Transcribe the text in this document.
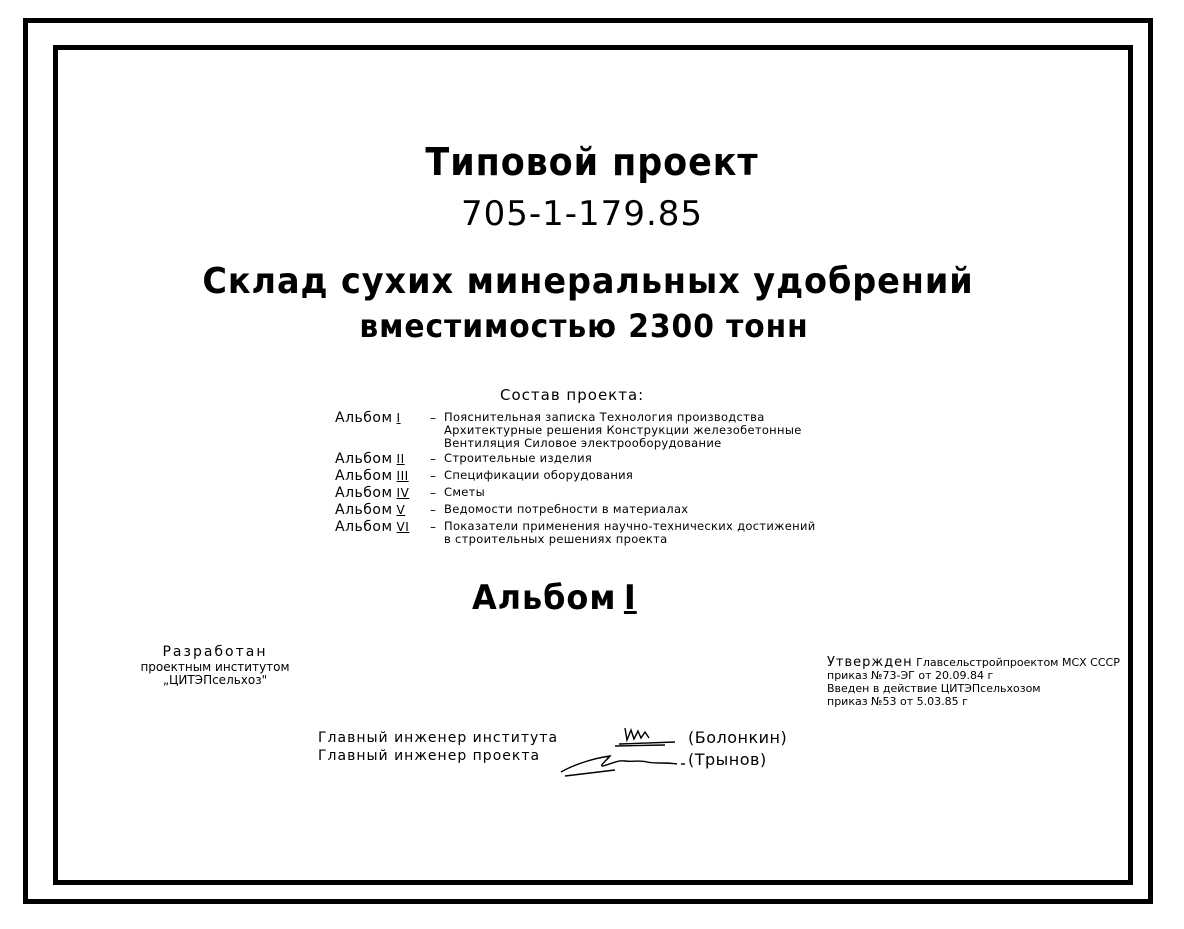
Типовой проект
705-1-179.85
Склад сухих минеральных удобрений
вместимостью 2300 тонн
Состав проекта:
Альбом I	– Пояснительная записка Технология производства
Архитектурные решения Конструкции железобетонные
Вентиляция Силовое электрооборудование
Альбом II	– Строительные изделия
Альбом III	– Спецификации оборудования
Альбом IV	– Сметы
Альбом V	– Ведомости потребности в материалах
Альбом VI	– Показатели применения научно-технических достижений
в строительных решениях проекта
Альбом I
Разработан
проектным институтом
„ЦИТЭПсельхоз"
Утвержден Главсельстройпроектом МСХ СССР
приказ №73-ЭГ от 20.09.84 г
Введен в действие ЦИТЭПсельхозом
приказ №53 от 5.03.85 г
Главный инженер института
Главный инженер проекта
(Болонкин)
(Трынов)
